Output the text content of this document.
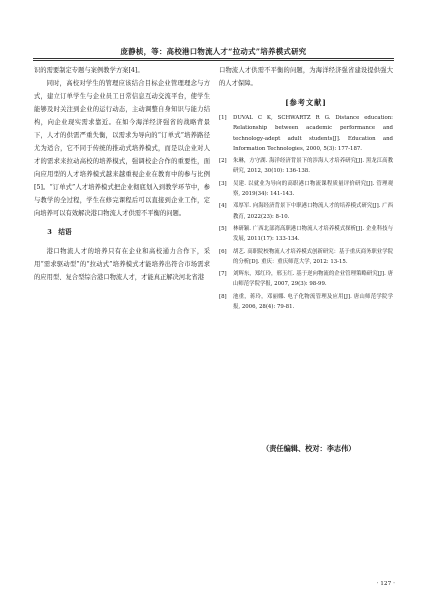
庞静桢，等：高校港口物流人才“拉动式”培养模式研究

识的需要制定专题与案例教学方案[4]。

同时，高校对学生的管理应该结合目标企业管理理念与方式，建立订单学生与企业员工日常信息互动交流平台，使学生能够及时关注到企业的运行动态，主动调整自身知识与能力结构，向企业现实需求靠近。在如今海洋经济强省的战略背景下，人才的供需严重失衡，以需求为导向的“订单式”培养路径尤为适合，它不同于传统的推动式培养模式，而是以企业对人才的需求来拉动高校的培养模式，强调校企合作的重要性，面向应用型的人才培养模式越来越重视企业在教育中的参与比例[5]。“订单式”人才培养模式把企业彻底划入到教学环节中，参与教学的全过程，学生在修完课程后可以直接到企业工作，定向培养可以有效解决港口物流人才供需不平衡的问题。

3　结语

港口物流人才的培养只有在企业和高校通力合作下，采用“需求驱动型”的“拉动式”培养模式才能培养出符合市场需求的应用型、复合型综合港口物流人才，才能真正解决河北省港

口物流人才供需不平衡的问题，为海洋经济强省建设提供强大的人才保障。

[参考文献]
[1] DUVAL C K, SCHWARTZ R G. Distance education: Relationship between academic performance and technology-adept adult students[J]. Education and Information Technologies, 2000, 5(3): 177-187.
[2] 朱琳，方守湖. 海洋经济背景下的涉海人才培养研究[J]. 黑龙江高教研究, 2012, 30(10): 136-138.
[3] 吴建. 以就业为导向的高职港口物流课程质量评价研究[J]. 管理观察, 2019(34): 141-143.
[4] 邓厚军. 向海经济背景下中职港口物流人才的培养模式研究[J]. 广西教育, 2022(23): 8-10.
[5] 林研颖. 广西北部湾高职港口物流人才培养模式探析[J]. 企业科技与发展, 2011(17): 133-134.
[6] 胡艺. 高职院校物流人才培养模式创新研究：基于重庆商务职业学院的分析[D]. 重庆：重庆师范大学, 2012: 13-15.
[7] 刘辉东，郑红玲，邢玉红. 基于逆向物流的企业管理策略研究[J]. 唐山师范学院学报, 2007, 29(3): 98-99.
[8] 池重，蒋玲，邓丽娜. 电子化物流管理及应用[J]. 唐山师范学院学报, 2006, 28(4): 79-81.
（责任编辑、校对：李志伟）
· 127 ·
